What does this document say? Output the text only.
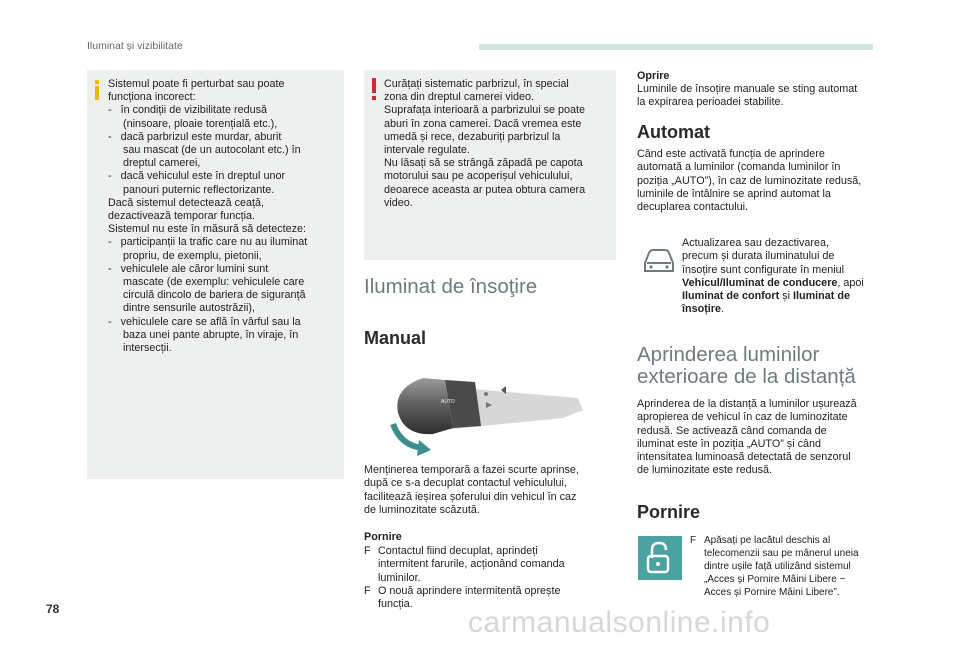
Iluminat și vizibilitate
Sistemul poate fi perturbat sau poate
funcționa incorect:
-   în condiții de vizibilitate redusă
(ninsoare, ploaie torențială etc.),
-   dacă parbrizul este murdar, aburit
sau mascat (de un autocolant etc.) în
dreptul camerei,
-   dacă vehiculul este în dreptul unor
panouri puternic reflectorizante.
Dacă sistemul detectează ceață,
dezactivează temporar funcția.
Sistemul nu este în măsură să detecteze:
-   participanții la trafic care nu au iluminat
propriu, de exemplu, pietonii,
-   vehiculele ale căror lumini sunt
mascate (de exemplu: vehiculele care
circulă dincolo de bariera de siguranță
dintre sensurile autostrăzii),
-   vehiculele care se află în vârful sau la
baza unei pante abrupte, în viraje, în
intersecții.
Curățați sistematic parbrizul, în special
zona din dreptul camerei video.
Suprafața interioară a parbrizului se poate
aburi în zona camerei. Dacă vremea este
umedă și rece, dezaburiți parbrizul la
intervale regulate.
Nu lăsați să se strângă zăpadă pe capota
motorului sau pe acoperișul vehiculului,
deoarece aceasta ar putea obtura camera
video.
Iluminat de însoţire
Manual
AUTO

Menținerea temporară a fazei scurte aprinse,
după ce s-a decuplat contactul vehiculului,
facilitează ieșirea șoferului din vehicul în caz
de luminozitate scăzută.

Pornire

F Contactul fiind decuplat, aprindeți
intermitent farurile, acționând comanda
luminilor.
F O nouă aprindere intermitentă oprește
funcția.

Oprire

Luminile de însoțire manuale se sting automat
la expirarea perioadei stabilite.

Automat

Când este activată funcția de aprindere
automată a luminilor (comanda luminilor în
poziția „AUTO”), în caz de luminozitate redusă,
luminile de întâlnire se aprind automat la
decuplarea contactului.

Actualizarea sau dezactivarea,
precum și durata iluminatului de
însoțire sunt configurate în meniul
Vehicul/Iluminat de conducere, apoi
Iluminat de confort și Iluminat de
însoțire.

Aprinderea luminilor
exterioare de la distanță

Aprinderea de la distanță a luminilor ușurează
apropierea de vehicul în caz de luminozitate
redusă. Se activează când comanda de
iluminat este în poziția „AUTO” și când
intensitatea luminoasă detectată de senzorul
de luminozitate este redusă.

Pornire
F Apăsați pe lacătul deschis al
telecomenzii sau pe mânerul uneia
dintre ușile față utilizând sistemul
„Acces și Pornire Mâini Libere ~
Acces și Pornire Mâini Libere”.
78	carmanualsonline.info
